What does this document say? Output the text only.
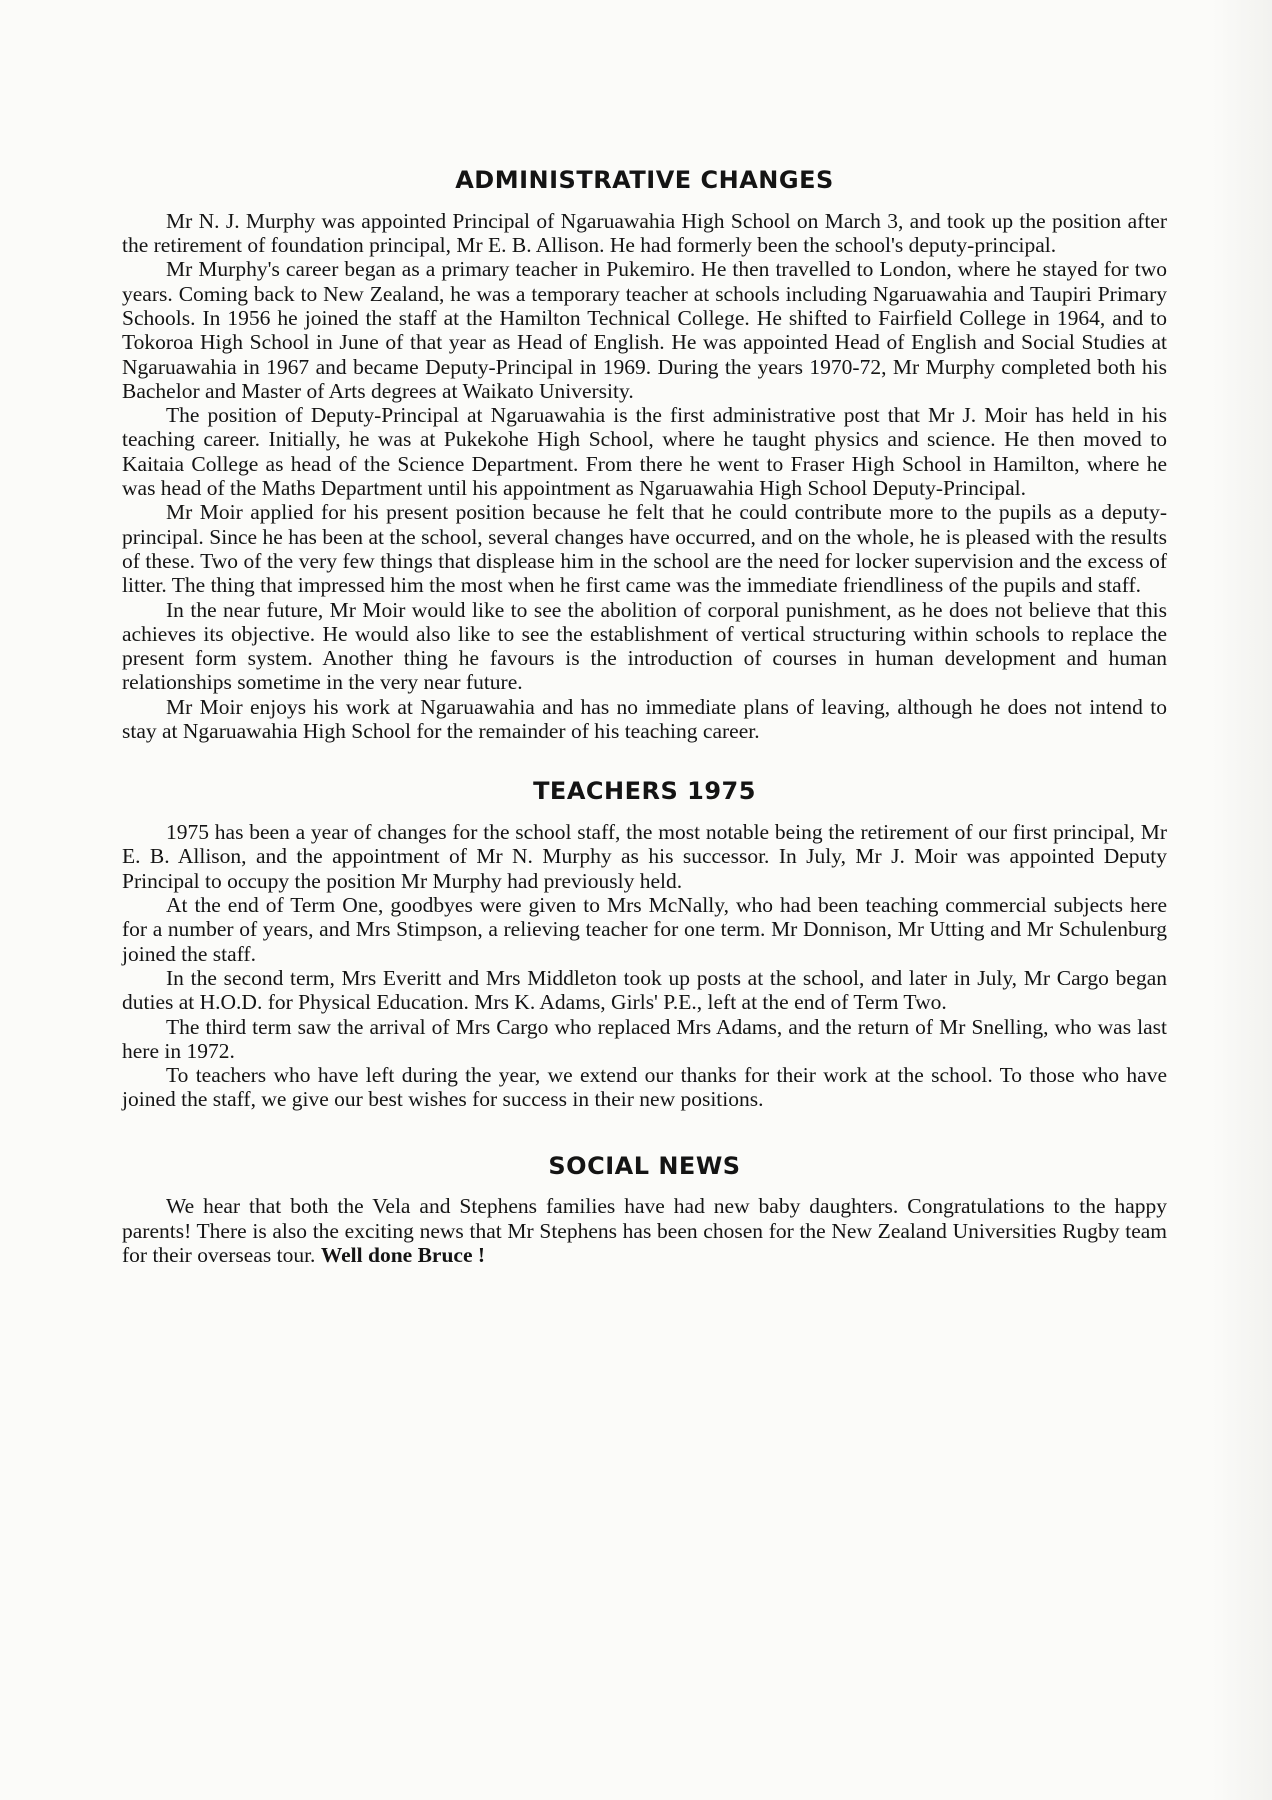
ADMINISTRATIVE CHANGES

Mr N. J. Murphy was appointed Principal of Ngaruawahia High School on March 3, and took up the position after the retirement of foundation principal, Mr E. B. Allison. He had formerly been the school's deputy-principal.

Mr Murphy's career began as a primary teacher in Pukemiro. He then travelled to London, where he stayed for two years. Coming back to New Zealand, he was a temporary teacher at schools including Ngaruawahia and Taupiri Primary Schools. In 1956 he joined the staff at the Hamilton Technical College. He shifted to Fairfield College in 1964, and to Tokoroa High School in June of that year as Head of English. He was appointed Head of English and Social Studies at Ngaruawahia in 1967 and became Deputy-Principal in 1969. During the years 1970-72, Mr Murphy completed both his Bachelor and Master of Arts degrees at Waikato University.

The position of Deputy-Principal at Ngaruawahia is the first administrative post that Mr J. Moir has held in his teaching career. Initially, he was at Pukekohe High School, where he taught physics and science. He then moved to Kaitaia College as head of the Science Department. From there he went to Fraser High School in Hamilton, where he was head of the Maths Department until his appointment as Ngaruawahia High School Deputy-Principal.

Mr Moir applied for his present position because he felt that he could contribute more to the pupils as a deputy-principal. Since he has been at the school, several changes have occurred, and on the whole, he is pleased with the results of these. Two of the very few things that displease him in the school are the need for locker supervision and the excess of litter. The thing that impressed him the most when he first came was the immediate friendliness of the pupils and staff.

In the near future, Mr Moir would like to see the abolition of corporal punishment, as he does not believe that this achieves its objective. He would also like to see the establishment of vertical structuring within schools to replace the present form system. Another thing he favours is the introduction of courses in human development and human relationships sometime in the very near future.

Mr Moir enjoys his work at Ngaruawahia and has no immediate plans of leaving, although he does not intend to stay at Ngaruawahia High School for the remainder of his teaching career.

TEACHERS 1975

1975 has been a year of changes for the school staff, the most notable being the retirement of our first principal, Mr E. B. Allison, and the appointment of Mr N. Murphy as his successor. In July, Mr J. Moir was appointed Deputy Principal to occupy the position Mr Murphy had previously held.

At the end of Term One, goodbyes were given to Mrs McNally, who had been teaching commercial subjects here for a number of years, and Mrs Stimpson, a relieving teacher for one term. Mr Donnison, Mr Utting and Mr Schulenburg joined the staff.

In the second term, Mrs Everitt and Mrs Middleton took up posts at the school, and later in July, Mr Cargo began duties at H.O.D. for Physical Education. Mrs K. Adams, Girls' P.E., left at the end of Term Two.

The third term saw the arrival of Mrs Cargo who replaced Mrs Adams, and the return of Mr Snelling, who was last here in 1972.

To teachers who have left during the year, we extend our thanks for their work at the school. To those who have joined the staff, we give our best wishes for success in their new positions.

SOCIAL NEWS

We hear that both the Vela and Stephens families have had new baby daughters. Congratulations to the happy parents! There is also the exciting news that Mr Stephens has been chosen for the New Zealand Universities Rugby team for their overseas tour. Well done Bruce !
